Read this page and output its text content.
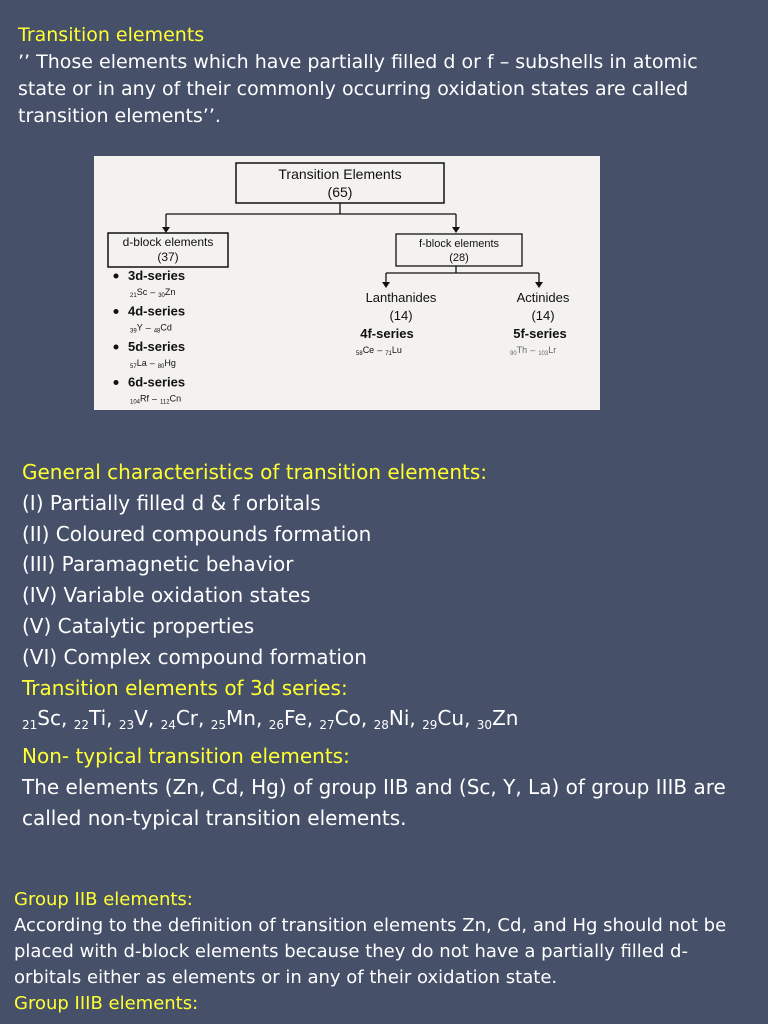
Transition elements
’’ Those elements which have partially filled d or f – subshells in atomic state or in any of their commonly occurring oxidation states are called transition elements’’.
Transition Elements
(65)
d-block elements
(37)
3d-series
$_{21}$Sc – $_{30}$Zn
4d-series
$_{39}$Y – $_{48}$Cd
5d-series
$_{57}$La – $_{80}$Hg
6d-series
$_{104}$Rf – $_{112}$Cn
f-block elements
(28)
Lanthanides
(14)
4f-series
$_{58}$Ce – $_{71}$Lu
Actinides
(14)
5f-series
$_{90}$Th – $_{103}$Lr
General characteristics of transition elements:
(I) Partially filled d & f orbitals
(II) Coloured compounds formation
(III) Paramagnetic behavior
(IV) Variable oxidation states
(V) Catalytic properties
(VI) Complex compound formation
Transition elements of 3d series:
$_{21}$Sc, $_{22}$Ti, $_{23}$V, $_{24}$Cr, $_{25}$Mn, $_{26}$Fe, $_{27}$Co, $_{28}$Ni, $_{29}$Cu, $_{30}$Zn
Non- typical transition elements:
The elements (Zn, Cd, Hg) of group IIB and (Sc, Y, La) of group IIIB are called non-typical transition elements.
Group IIB elements:
According to the definition of transition elements Zn, Cd, and Hg should not be placed with d-block elements because they do not have a partially filled d-orbitals either as elements or in any of their oxidation state.
Group IIIB elements:
